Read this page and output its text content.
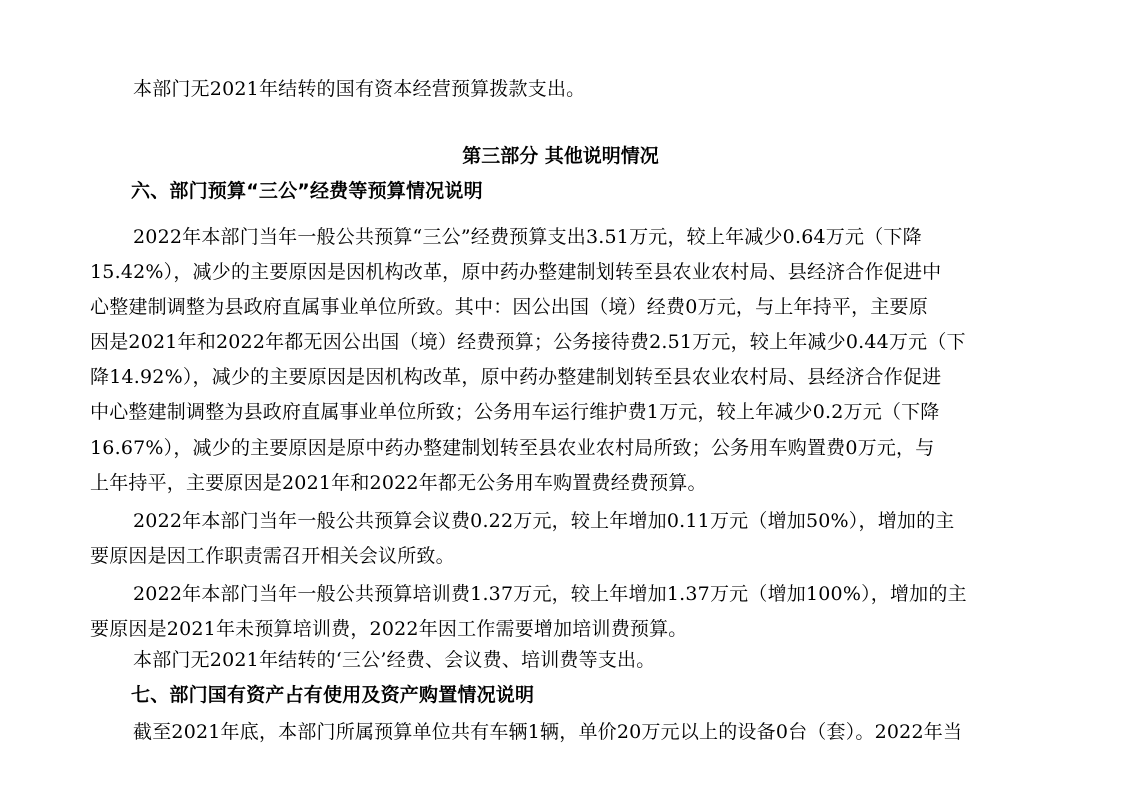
本部门无2021年结转的国有资本经营预算拨款支出。
第三部分 其他说明情况
六、部门预算“三公”经费等预算情况说明
2022年本部门当年一般公共预算“三公”经费预算支出3.51万元，较上年减少0.64万元（下降
15.42%），减少的主要原因是因机构改革，原中药办整建制划转至县农业农村局、县经济合作促进中
心整建制调整为县政府直属事业单位所致。其中：因公出国（境）经费0万元，与上年持平，主要原
因是2021年和2022年都无因公出国（境）经费预算；公务接待费2.51万元，较上年减少0.44万元（下
降14.92%），减少的主要原因是因机构改革，原中药办整建制划转至县农业农村局、县经济合作促进
中心整建制调整为县政府直属事业单位所致；公务用车运行维护费1万元，较上年减少0.2万元（下降
16.67%），减少的主要原因是原中药办整建制划转至县农业农村局所致；公务用车购置费0万元，与
上年持平，主要原因是2021年和2022年都无公务用车购置费经费预算。
2022年本部门当年一般公共预算会议费0.22万元，较上年增加0.11万元（增加50%），增加的主
要原因是因工作职责需召开相关会议所致。
2022年本部门当年一般公共预算培训费1.37万元，较上年增加1.37万元（增加100%），增加的主
要原因是2021年未预算培训费，2022年因工作需要增加培训费预算。
本部门无2021年结转的‘三公’经费、会议费、培训费等支出。
七、部门国有资产占有使用及资产购置情况说明
截至2021年底，本部门所属预算单位共有车辆1辆，单价20万元以上的设备0台（套）。2022年当
